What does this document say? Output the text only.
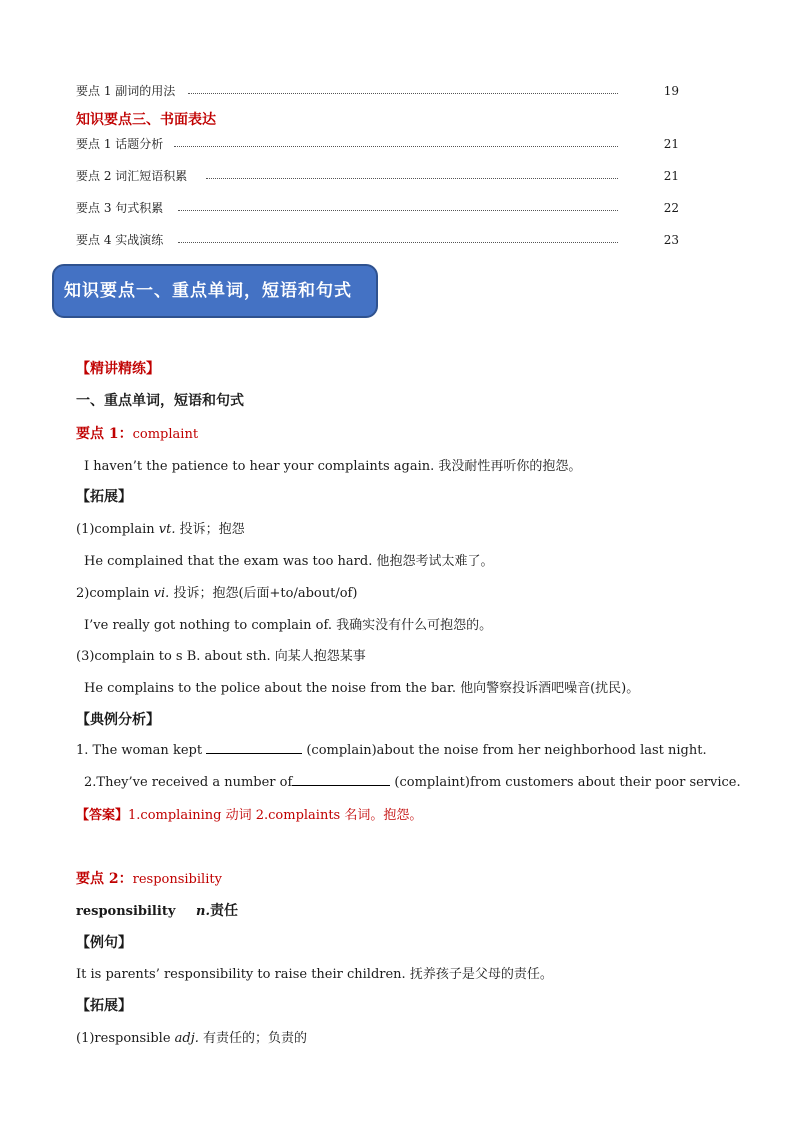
要点 1 副词的用法	19
知识要点三、书面表达
要点 1 话题分析	21
要点 2 词汇短语积累	21
要点 3 句式积累	22
要点 4 实战演练	23
知识要点一、重点单词，短语和句式
【精讲精练】
一、重点单词，短语和句式
要点 1：complaint
I haven’t the patience to hear your complaints again. 我没耐性再听你的抱怨。
【拓展】
(1)complain vt. 投诉；抱怨
He complained that the exam was too hard. 他抱怨考试太难了。
2)complain vi. 投诉；抱怨(后面+to/about/of)
I’ve really got nothing to complain of. 我确实没有什么可抱怨的。
(3)complain to s B. about sth. 向某人抱怨某事
He complains to the police about the noise from the bar. 他向警察投诉酒吧噪音(扰民)。
【典例分析】
1. The woman kept	(complain)about the noise from her neighborhood last night.
2.They’ve received a number of	(complaint)from customers about their poor service.
【答案】1.complaining 动词 2.complaints 名词。抱怨。
要点 2：responsibility
responsibility n.责任
【例句】
It is parents’ responsibility to raise their children. 抚养孩子是父母的责任。
【拓展】
(1)responsible adj. 有责任的；负责的
